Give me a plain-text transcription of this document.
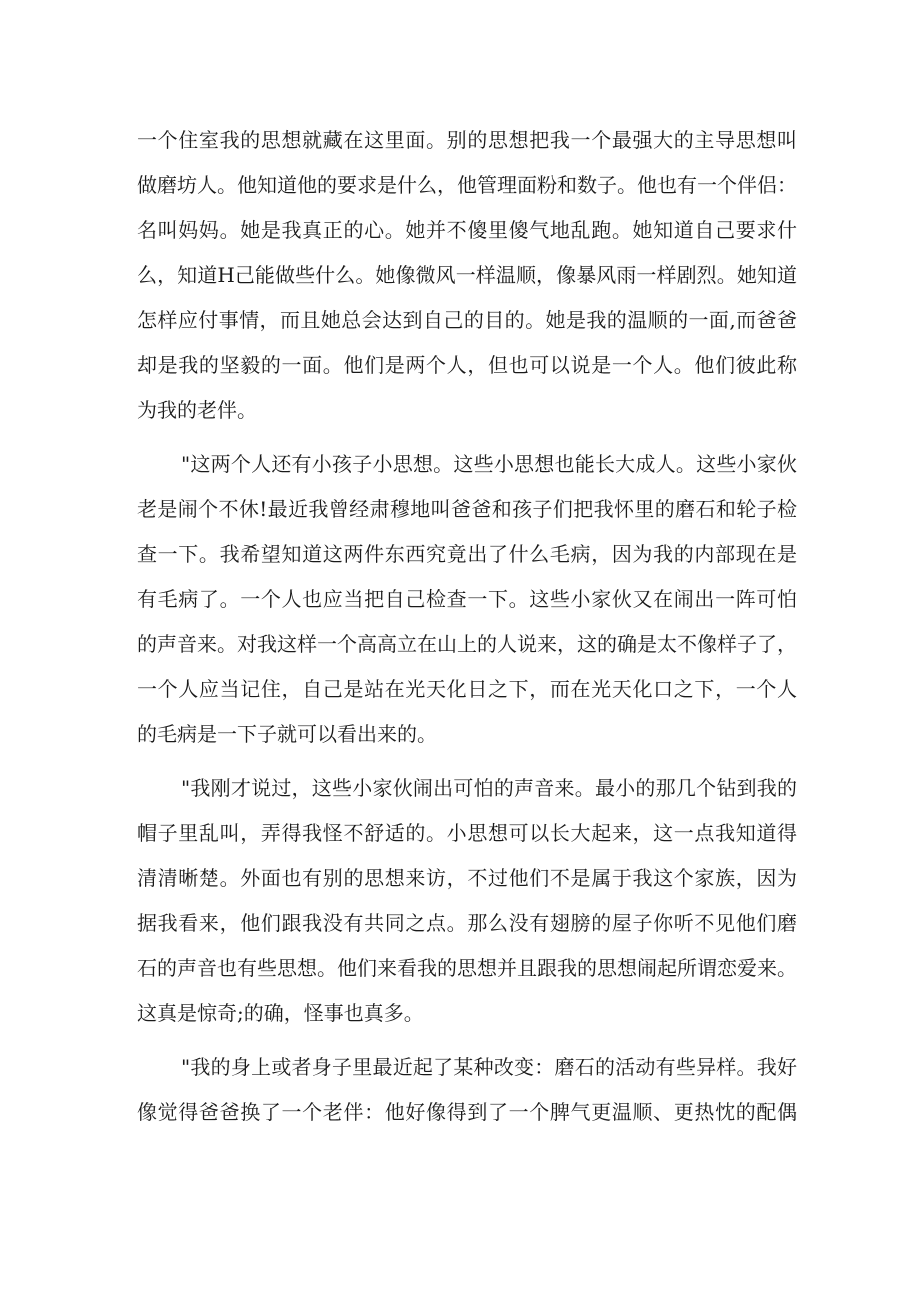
一个住室我的思想就藏在这里面。别的思想把我一个最强大的主导思想叫
做磨坊人。他知道他的要求是什么，他管理面粉和数子。他也有一个伴侣：
名叫妈妈。她是我真正的心。她并不傻里傻气地乱跑。她知道自己要求什
么，知道H己能做些什么。她像微风一样温顺，像暴风雨一样剧烈。她知道
怎样应付事情，而且她总会达到自己的目的。她是我的温顺的一面,而爸爸
却是我的坚毅的一面。他们是两个人，但也可以说是一个人。他们彼此称
为我的老伴。
"这两个人还有小孩子小思想。这些小思想也能长大成人。这些小家伙
老是闹个不休!最近我曾经肃穆地叫爸爸和孩子们把我怀里的磨石和轮子检
查一下。我希望知道这两件东西究竟出了什么毛病，因为我的内部现在是
有毛病了。一个人也应当把自己检查一下。这些小家伙又在闹出一阵可怕
的声音来。对我这样一个高高立在山上的人说来，这的确是太不像样子了，
一个人应当记住，自己是站在光天化日之下，而在光天化口之下，一个人
的毛病是一下子就可以看出来的。
"我刚才说过，这些小家伙闹出可怕的声音来。最小的那几个钻到我的
帽子里乱叫，弄得我怪不舒适的。小思想可以长大起来，这一点我知道得
清清晰楚。外面也有别的思想来访，不过他们不是属于我这个家族，因为
据我看来，他们跟我没有共同之点。那么没有翅膀的屋子你听不见他们磨
石的声音也有些思想。他们来看我的思想并且跟我的思想闹起所谓恋爱来。
这真是惊奇;的确，怪事也真多。
"我的身上或者身子里最近起了某种改变：磨石的活动有些异样。我好
像觉得爸爸换了一个老伴：他好像得到了一个脾气更温顺、更热忱的配偶
